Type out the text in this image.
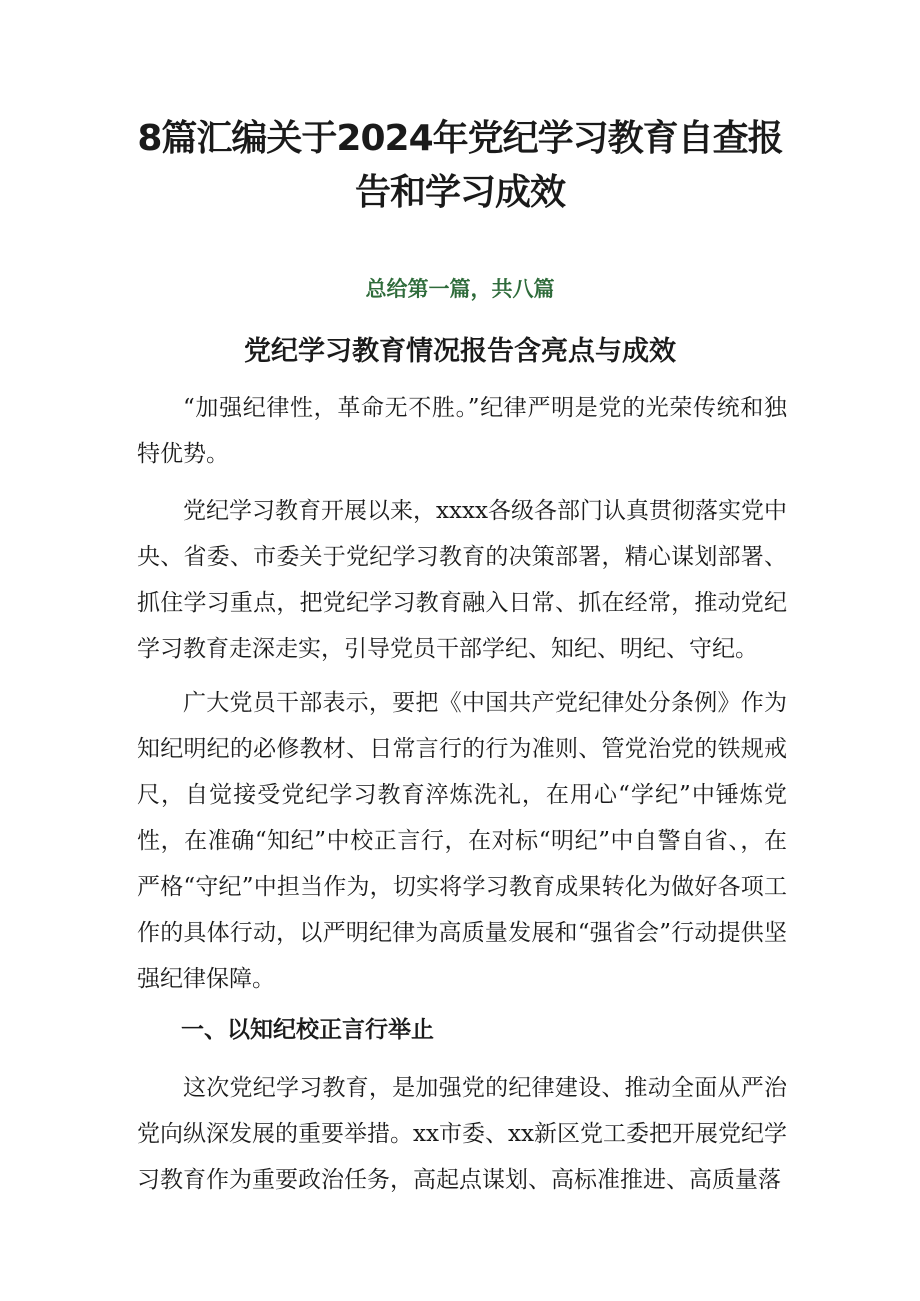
8篇汇编关于2024年党纪学习教育自查报告和学习成效
总给第一篇，共八篇
党纪学习教育情况报告含亮点与成效

“加强纪律性，革命无不胜。”纪律严明是党的光荣传统和独特优势。

党纪学习教育开展以来，xxxx各级各部门认真贯彻落实党中央、省委、市委关于党纪学习教育的决策部署，精心谋划部署、抓住学习重点，把党纪学习教育融入日常、抓在经常，推动党纪学习教育走深走实，引导党员干部学纪、知纪、明纪、守纪。

广大党员干部表示，要把《中国共产党纪律处分条例》作为知纪明纪的必修教材、日常言行的行为准则、管党治党的铁规戒尺，自觉接受党纪学习教育淬炼洗礼，在用心“学纪”中锤炼党性，在准确“知纪”中校正言行，在对标“明纪”中自警自省、，在严格“守纪”中担当作为，切实将学习教育成果转化为做好各项工作的具体行动，以严明纪律为高质量发展和“强省会”行动提供坚强纪律保障。

一、以知纪校正言行举止

这次党纪学习教育，是加强党的纪律建设、推动全面从严治党向纵深发展的重要举措。xx市委、xx新区党工委把开展党纪学习教育作为重要政治任务，高起点谋划、高标准推进、高质量落
